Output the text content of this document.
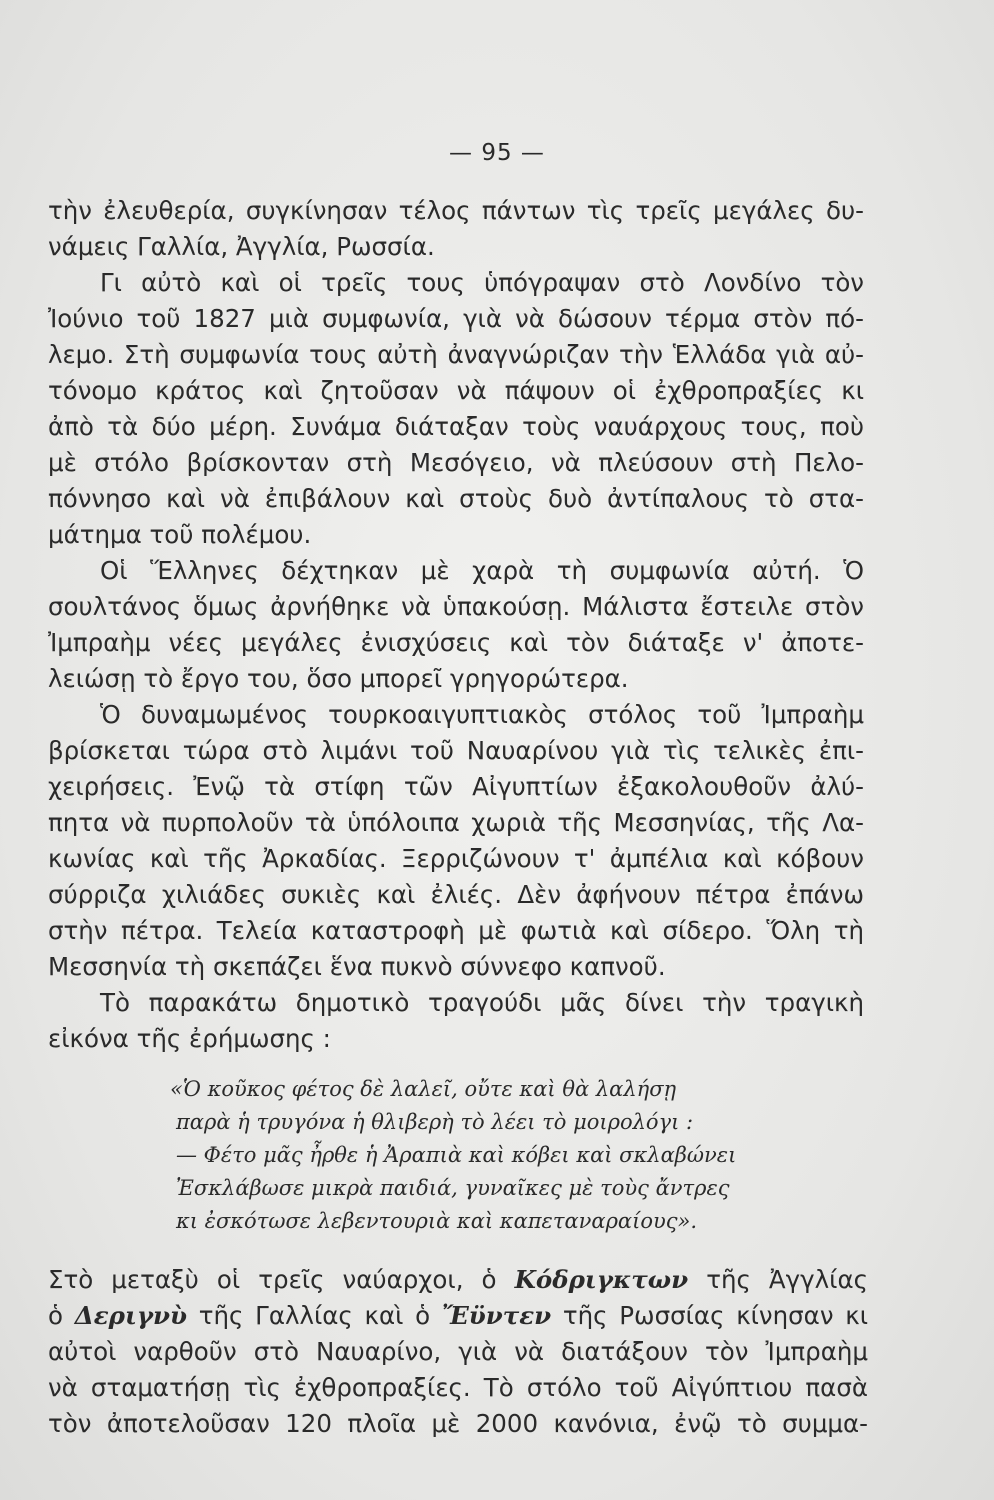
— 95 —
τὴν ἐλευθερία, συγκίνησαν τέλος πάντων τὶς τρεῖς μεγάλες δυ-
νάμεις Γαλλία, Ἀγγλία, Ρωσσία.
Γι αὐτὸ καὶ οἱ τρεῖς τους ὑπόγραψαν στὸ Λονδίνο τὸν
Ἰούνιο τοῦ 1827 μιὰ συμφωνία, γιὰ νὰ δώσουν τέρμα στὸν πό-
λεμο. Στὴ συμφωνία τους αὐτὴ ἀναγνώριζαν τὴν Ἑλλάδα γιὰ αὐ-
τόνομο κράτος καὶ ζητοῦσαν νὰ πάψουν οἱ ἐχθροπραξίες κι
ἀπὸ τὰ δύο μέρη. Συνάμα διάταξαν τοὺς ναυάρχους τους, ποὺ
μὲ στόλο βρίσκονταν στὴ Μεσόγειο, νὰ πλεύσουν στὴ Πελο-
πόννησο καὶ νὰ ἐπιβάλουν καὶ στοὺς δυὸ ἀντίπαλους τὸ στα-
μάτημα τοῦ πολέμου.
Οἱ Ἕλληνες δέχτηκαν μὲ χαρὰ τὴ συμφωνία αὐτή. Ὁ
σουλτάνος ὅμως ἀρνήθηκε νὰ ὑπακούσῃ. Μάλιστα ἔστειλε στὸν
Ἰμπραὴμ νέες μεγάλες ἐνισχύσεις καὶ τὸν διάταξε ν' ἀποτε-
λειώσῃ τὸ ἔργο του, ὅσο μπορεῖ γρηγορώτερα.
Ὁ δυναμωμένος τουρκοαιγυπτιακὸς στόλος τοῦ Ἰμπραὴμ
βρίσκεται τώρα στὸ λιμάνι τοῦ Ναυαρίνου γιὰ τὶς τελικὲς ἐπι-
χειρήσεις. Ἐνῷ τὰ στίφη τῶν Αἰγυπτίων ἐξακολουθοῦν ἀλύ-
πητα νὰ πυρπολοῦν τὰ ὑπόλοιπα χωριὰ τῆς Μεσσηνίας, τῆς Λα-
κωνίας καὶ τῆς Ἀρκαδίας. Ξερριζώνουν τ' ἀμπέλια καὶ κόβουν
σύρριζα χιλιάδες συκιὲς καὶ ἐλιές. Δὲν ἀφήνουν πέτρα ἐπάνω
στὴν πέτρα. Τελεία καταστροφὴ μὲ φωτιὰ καὶ σίδερο. Ὅλη τὴ
Μεσσηνία τὴ σκεπάζει ἕνα πυκνὸ σύννεφο καπνοῦ.
Τὸ παρακάτω δημοτικὸ τραγούδι μᾶς δίνει τὴν τραγικὴ
εἰκόνα τῆς ἐρήμωσης :
«Ὁ κοῦκος φέτος δὲ λαλεῖ, οὔτε καὶ θὰ λαλήσῃ
παρὰ ἡ τρυγόνα ἡ θλιβερὴ τὸ λέει τὸ μοιρολόγι :
— Φέτο μᾶς ἦρθε ἡ Ἀραπιὰ καὶ κόβει καὶ σκλαβώνει
Ἐσκλάβωσε μικρὰ παιδιά, γυναῖκες μὲ τοὺς ἄντρες
κι ἐσκότωσε λεβεντουριὰ καὶ καπεταναραίους».
Στὸ μεταξὺ οἱ τρεῖς ναύαρχοι, ὁ Κόδριγκτων τῆς Ἀγγλίας
ὁ Δεριγνὺ τῆς Γαλλίας καὶ ὁ Ἔϋντεν τῆς Ρωσσίας κίνησαν κι
αὐτοὶ ναρθοῦν στὸ Ναυαρίνο, γιὰ νὰ διατάξουν τὸν Ἰμπραὴμ
νὰ σταματήσῃ τὶς ἐχθροπραξίες. Τὸ στόλο τοῦ Αἰγύπτιου πασὰ
τὸν ἀποτελοῦσαν 120 πλοῖα μὲ 2000 κανόνια, ἐνῷ τὸ συμμα-
